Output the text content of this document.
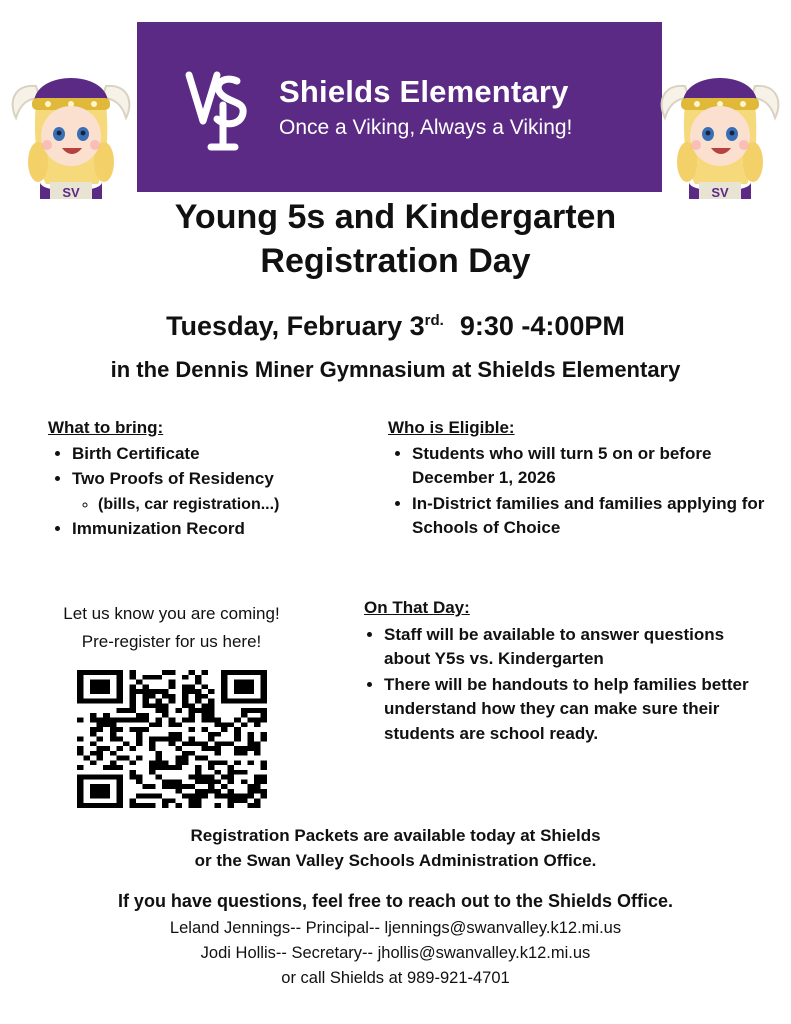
Shields Elementary
Once a Viking, Always a Viking!
SV	SV
Young 5s and Kindergarten
Registration Day
Tuesday, February $3^{rd.}$ 9:30 -4:00PM
in the Dennis Miner Gymnasium at Shields Elementary
What to bring:
• Birth Certificate
• Two Proofs of Residency
◦ (bills, car registration...)
• Immunization Record
Who is Eligible:
• Students who will turn 5 on or before December 1, 2026
• In-District families and families applying for Schools of Choice

Let us know you are coming!

Pre-register for us here!

On That Day:
• Staff will be available to answer questions about Y5s vs. Kindergarten
• There will be handouts to help families better understand how they can make sure their students are school ready.
Registration Packets are available today at Shields
or the Swan Valley Schools Administration Office.
If you have questions, feel free to reach out to the Shields Office.
Leland Jennings-- Principal-- ljennings@swanvalley.k12.mi.us
Jodi Hollis-- Secretary-- jhollis@swanvalley.k12.mi.us
or call Shields at 989-921-4701
